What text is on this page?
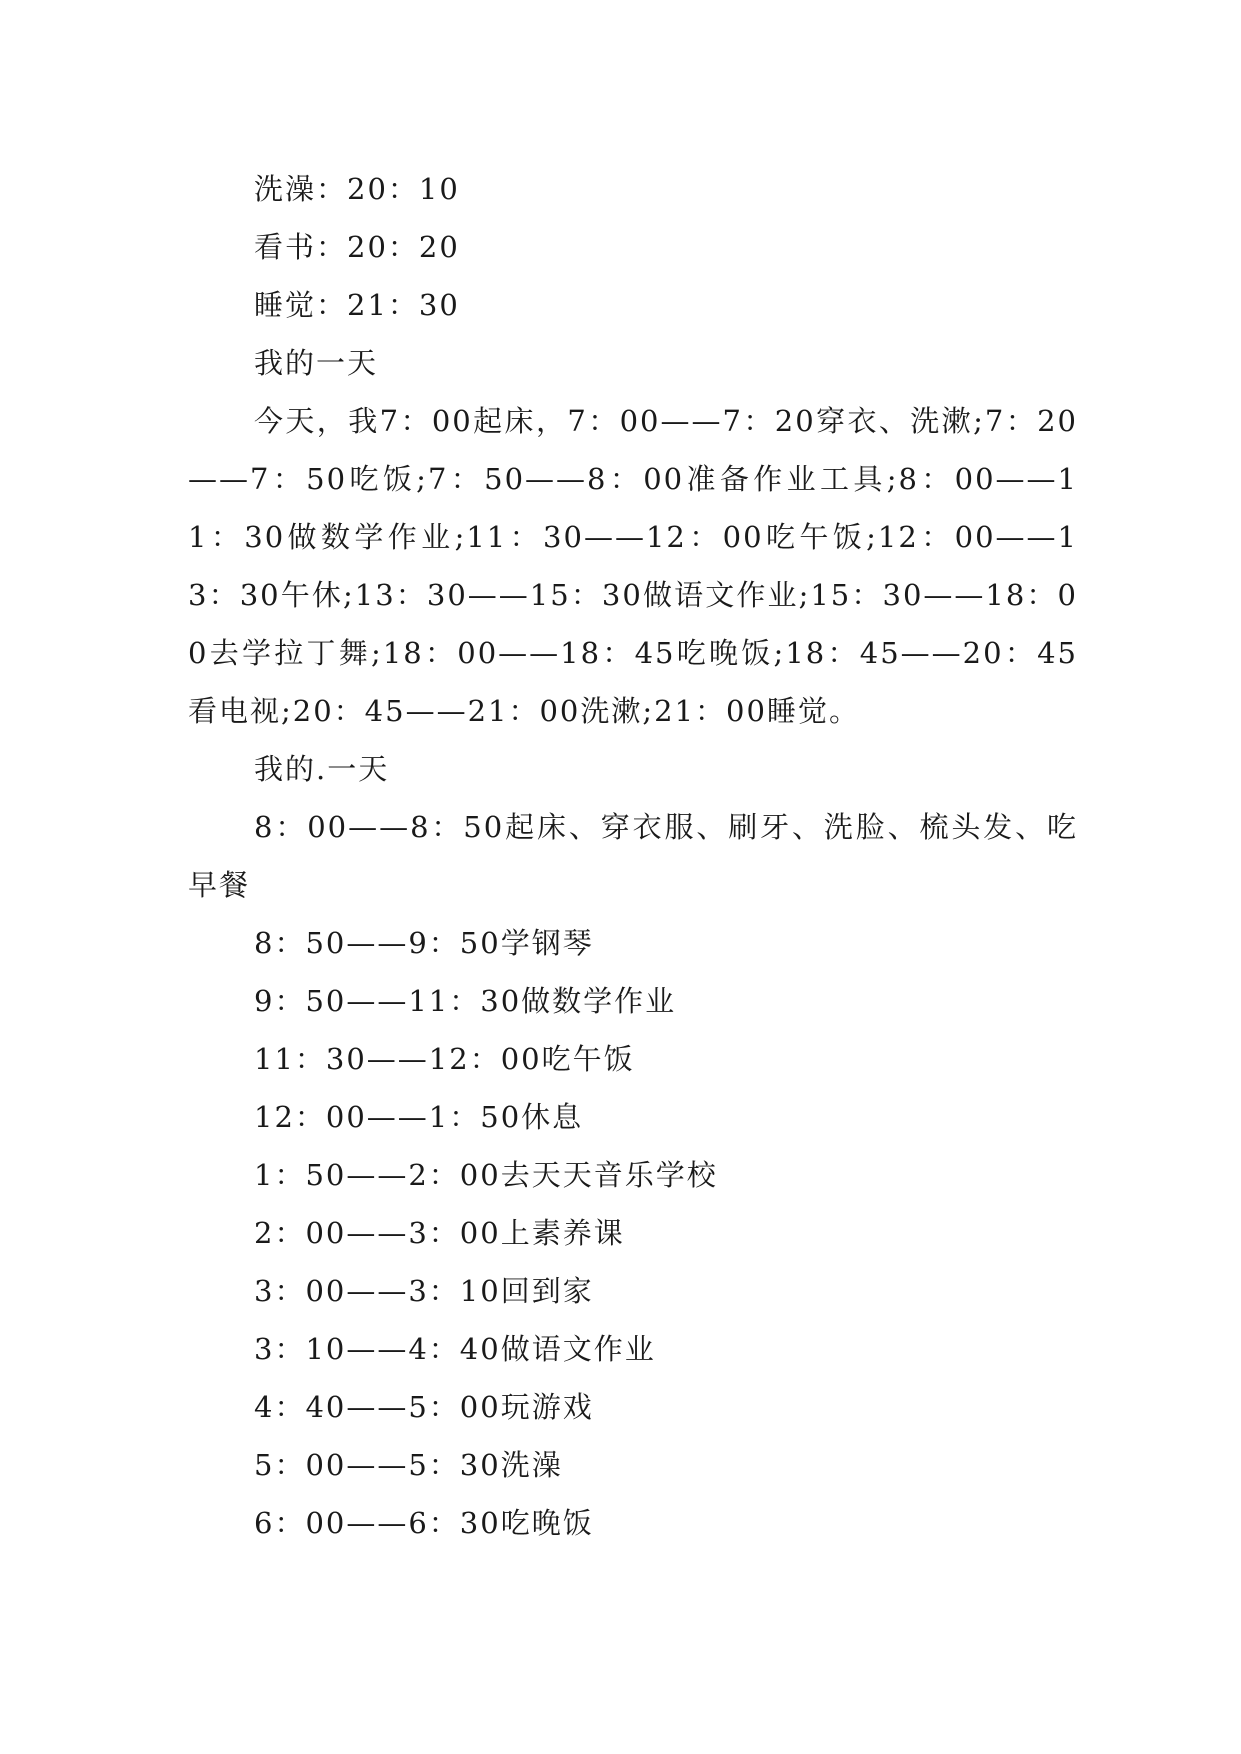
洗澡：20：10

看书：20：20

睡觉：21：30

我的一天

今天，我7：00起床，7：00——7：20穿衣、洗漱;7：20——7：50吃饭;7：50——8：00准备作业工具;8：00——11：30做数学作业;11：30——12：00吃午饭;12：00——13：30午休;13：30——15：30做语文作业;15：30——18：00去学拉丁舞;18：00——18：45吃晚饭;18：45——20：45看电视;20：45——21：00洗漱;21：00睡觉。

我的.一天

8：00——8：50起床、穿衣服、刷牙、洗脸、梳头发、吃早餐

8：50——9：50学钢琴

9：50——11：30做数学作业

11：30——12：00吃午饭

12：00——1：50休息

1：50——2：00去天天音乐学校

2：00——3：00上素养课

3：00——3：10回到家

3：10——4：40做语文作业

4：40——5：00玩游戏

5：00——5：30洗澡

6：00——6：30吃晚饭
